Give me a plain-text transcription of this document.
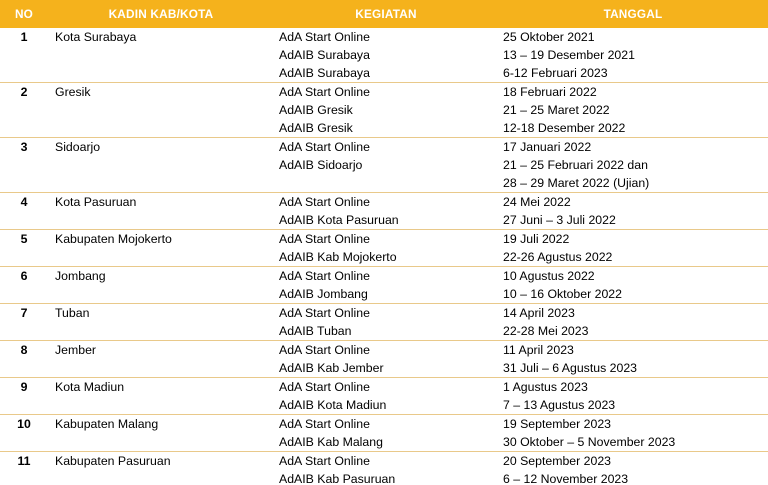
NO	KADIN KAB/KOTA	KEGIATAN	TANGGAL
1	Kota Surabaya	AdA Start Online	25 Oktober 2021
		AdAIB Surabaya	13 – 19 Desember 2021
		AdAIB Surabaya	6-12 Februari 2023
2	Gresik	AdA Start Online	18 Februari 2022
		AdAIB Gresik	21 – 25 Maret 2022
		AdAIB Gresik	12-18 Desember 2022
3	Sidoarjo	AdA Start Online	17 Januari 2022
		AdAIB Sidoarjo	21 – 25 Februari 2022 dan
			28 – 29 Maret 2022 (Ujian)
4	Kota Pasuruan	AdA Start Online	24 Mei 2022
		AdAIB Kota Pasuruan	27 Juni – 3 Juli 2022
5	Kabupaten Mojokerto	AdA Start Online	19 Juli 2022
		AdAIB Kab Mojokerto	22-26 Agustus 2022
6	Jombang	AdA Start Online	10 Agustus 2022
		AdAIB Jombang	10 – 16 Oktober 2022
7	Tuban	AdA Start Online	14 April 2023
		AdAIB Tuban	22-28 Mei 2023
8	Jember	AdA Start Online	11 April 2023
		AdAIB Kab Jember	31 Juli – 6 Agustus 2023
9	Kota Madiun	AdA Start Online	1 Agustus 2023
		AdAIB Kota Madiun	7 – 13 Agustus 2023
10	Kabupaten Malang	AdA Start Online	19 September 2023
		AdAIB Kab Malang	30 Oktober – 5 November 2023
11	Kabupaten Pasuruan	AdA Start Online	20 September 2023
		AdAIB Kab Pasuruan	6 – 12 November 2023
